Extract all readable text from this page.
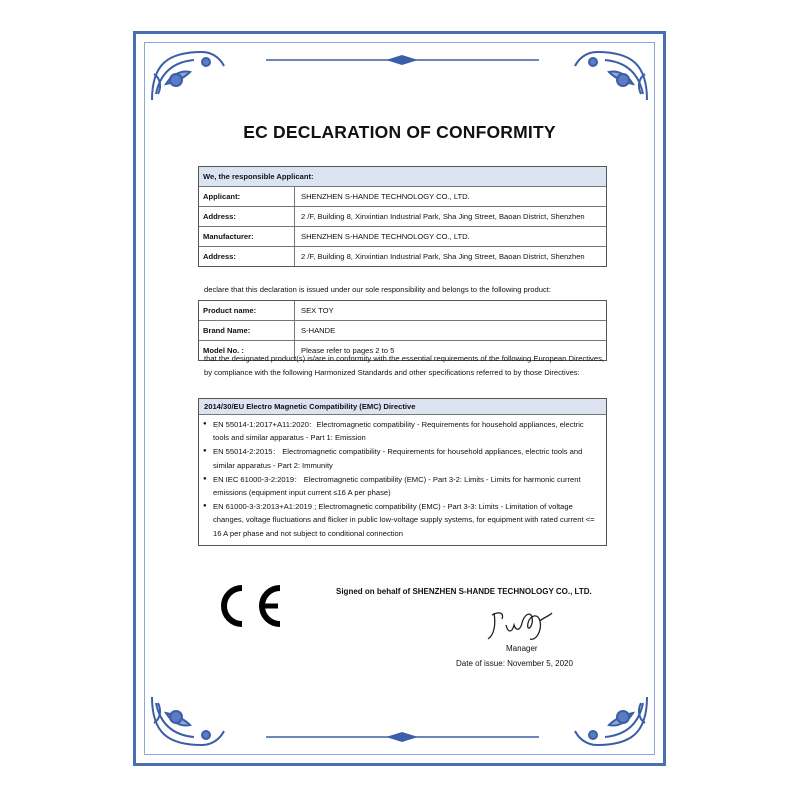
EC DECLARATION OF CONFORMITY
We, the responsible Applicant:
Applicant:	SHENZHEN S-HANDE TECHNOLOGY CO., LTD.
Address:	2 /F, Building 8, Xinxintian Industrial Park, Sha Jing Street, Baoan District, Shenzhen
Manufacturer:	SHENZHEN S-HANDE TECHNOLOGY CO., LTD.
Address:	2 /F, Building 8, Xinxintian Industrial Park, Sha Jing Street, Baoan District, Shenzhen
declare that this declaration is issued under our sole responsibility and belongs to the following product:
Product name:	SEX TOY
Brand Name:	S-HANDE
Model No. :	Please refer to pages 2 to 5
that the designated product(s) is/are in conformity with the essential requirements of the following European Directives, by compliance with the following Harmonized Standards and other specifications referred to by those Directives:
2014/30/EU Electro Magnetic Compatibility (EMC) Directive
● EN 55014-1:2017+A11:2020：Electromagnetic compatibility - Requirements for household appliances, electric tools and similar apparatus - Part 1: Emission
● EN 55014-2:2015： Electromagnetic compatibility - Requirements for household appliances, electric tools and similar apparatus - Part 2: Immunity
● EN IEC 61000-3-2:2019： Electromagnetic compatibility (EMC) - Part 3-2: Limits - Limits for harmonic current emissions (equipment input current ≤16 A per phase)
● EN 61000-3-3:2013+A1:2019 ; Electromagnetic compatibility (EMC) - Part 3-3: Limits - Limitation of voltage changes, voltage fluctuations and flicker in public low-voltage supply systems, for equipment with rated current <= 16 A per phase and not subject to conditional connection
Signed on behalf of SHENZHEN S-HANDE TECHNOLOGY CO., LTD.
Manager
Date of issue: November 5, 2020
